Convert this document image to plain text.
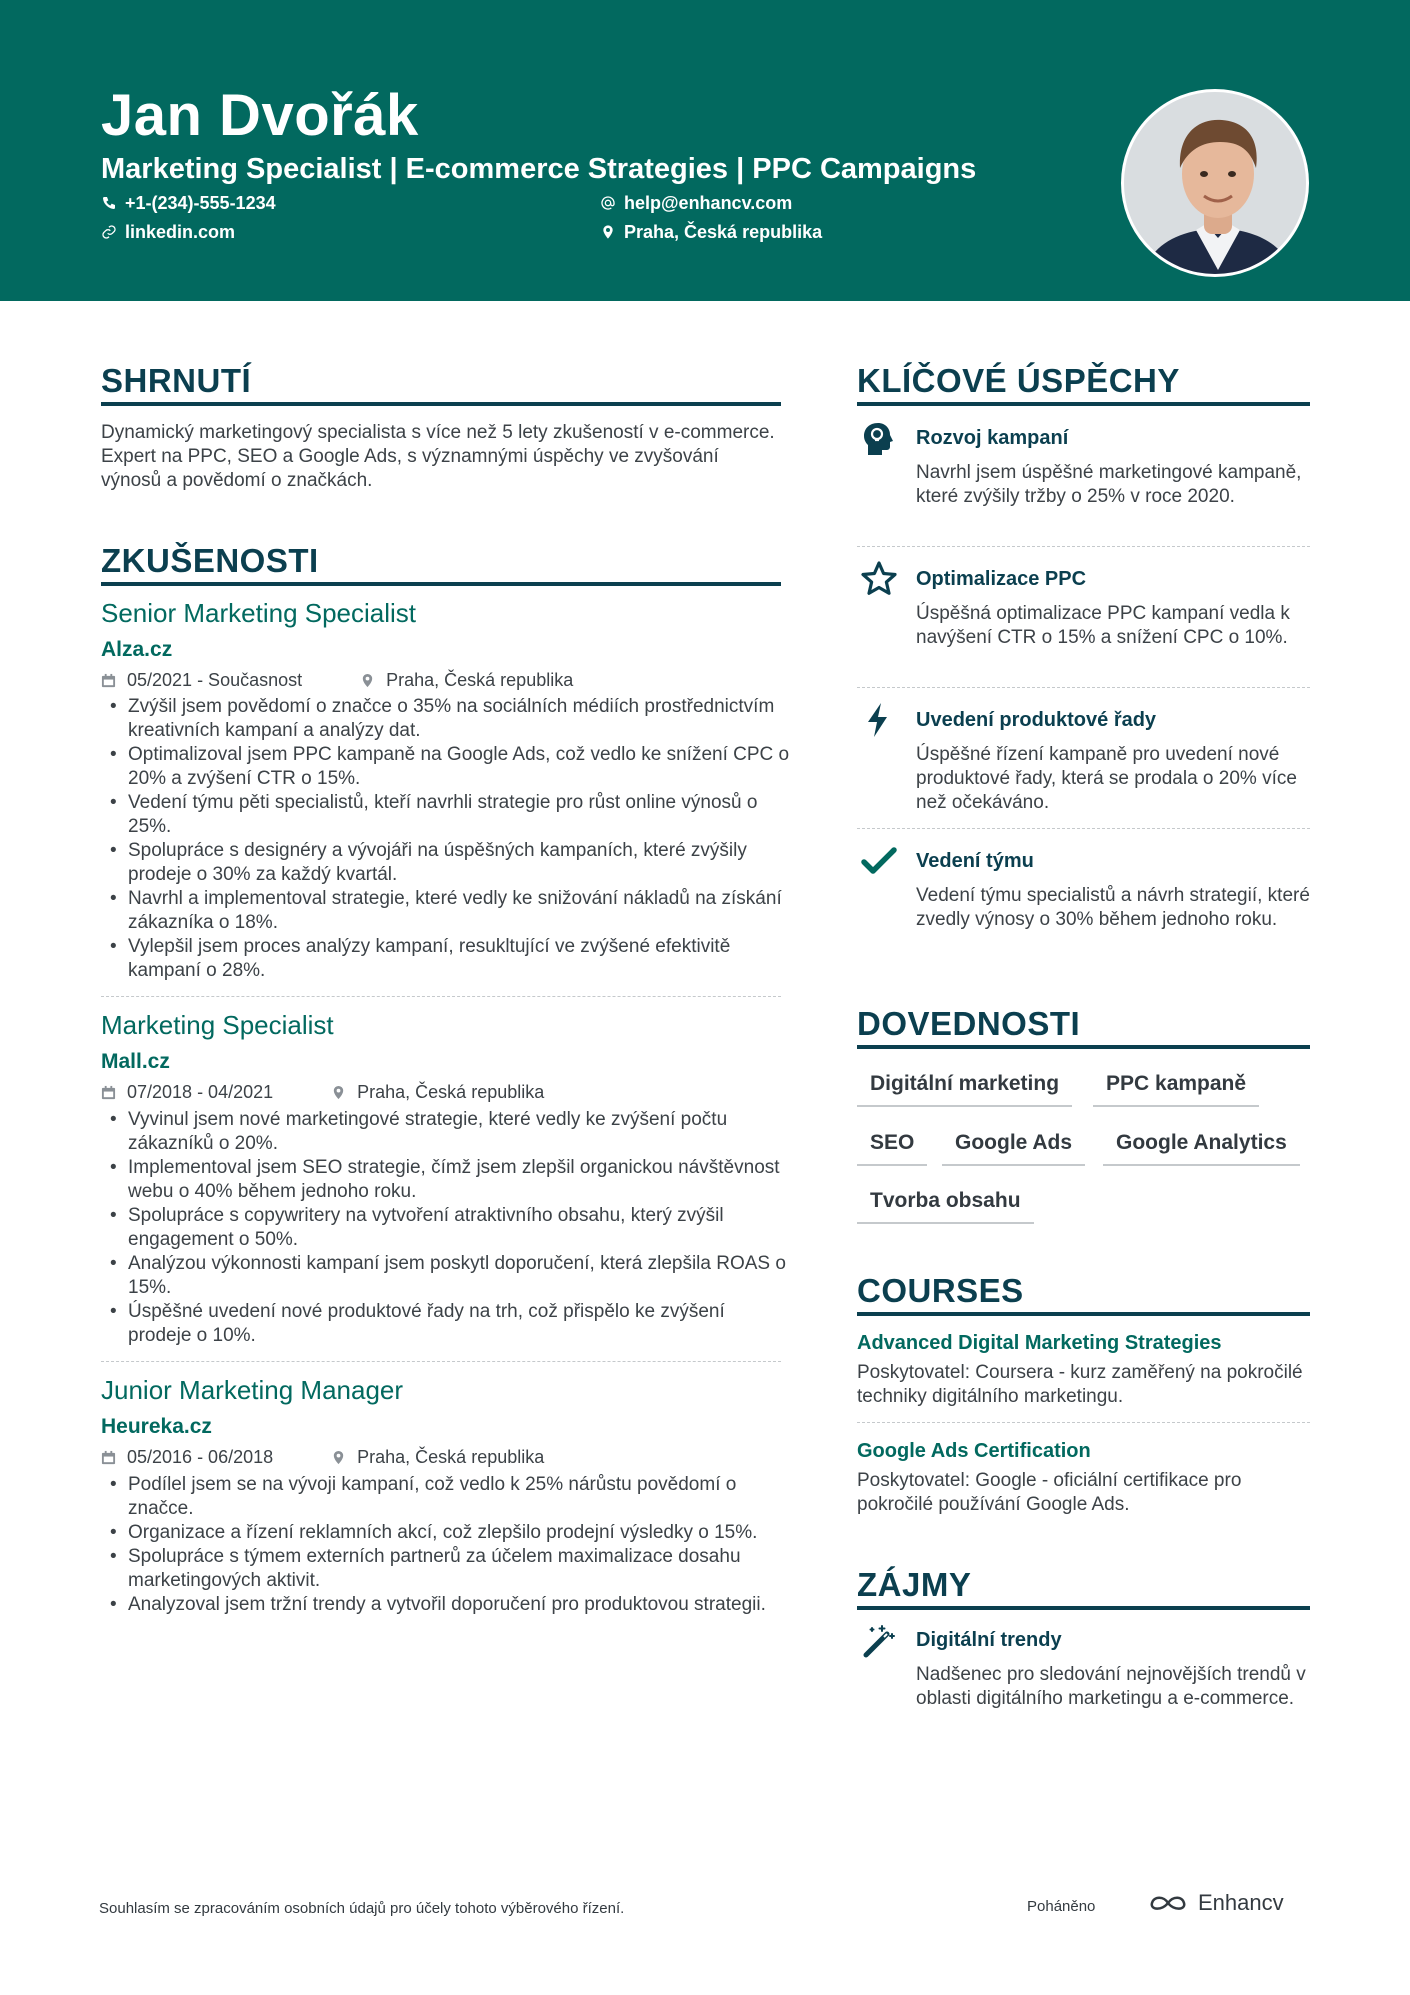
Jan Dvořák
Marketing Specialist | E-commerce Strategies | PPC Campaigns
+1-(234)-555-1234	help@enhancv.com
linkedin.com	Praha, Česká republika
SHRNUTÍ
Dynamický marketingový specialista s více než 5 lety zkušeností v e-commerce. Expert na PPC, SEO a Google Ads, s významnými úspěchy ve zvyšování výnosů a povědomí o značkách.
ZKUŠENOSTI
Senior Marketing Specialist
Alza.cz
05/2021 - Současnost	Praha, Česká republika
• Zvýšil jsem povědomí o značce o 35% na sociálních médiích prostřednictvím kreativních kampaní a analýzy dat.
• Optimalizoval jsem PPC kampaně na Google Ads, což vedlo ke snížení CPC o 20% a zvýšení CTR o 15%.
• Vedení týmu pěti specialistů, kteří navrhli strategie pro růst online výnosů o 25%.
• Spolupráce s designéry a vývojáři na úspěšných kampaních, které zvýšily prodeje o 30% za každý kvartál.
• Navrhl a implementoval strategie, které vedly ke snižování nákladů na získání zákazníka o 18%.
• Vylepšil jsem proces analýzy kampaní, resukltující ve zvýšené efektivitě kampaní o 28%.
Marketing Specialist
Mall.cz
07/2018 - 04/2021	Praha, Česká republika
• Vyvinul jsem nové marketingové strategie, které vedly ke zvýšení počtu zákazníků o 20%.
• Implementoval jsem SEO strategie, čímž jsem zlepšil organickou návštěvnost webu o 40% během jednoho roku.
• Spolupráce s copywritery na vytvoření atraktivního obsahu, který zvýšil engagement o 50%.
• Analýzou výkonnosti kampaní jsem poskytl doporučení, která zlepšila ROAS o 15%.
• Úspěšné uvedení nové produktové řady na trh, což přispělo ke zvýšení prodeje o 10%.
Junior Marketing Manager
Heureka.cz
05/2016 - 06/2018	Praha, Česká republika
• Podílel jsem se na vývoji kampaní, což vedlo k 25% nárůstu povědomí o značce.
• Organizace a řízení reklamních akcí, což zlepšilo prodejní výsledky o 15%.
• Spolupráce s týmem externích partnerů za účelem maximalizace dosahu marketingových aktivit.
• Analyzoval jsem tržní trendy a vytvořil doporučení pro produktovou strategii.
KLÍČOVÉ ÚSPĚCHY
Rozvoj kampaní
Navrhl jsem úspěšné marketingové kampaně, které zvýšily tržby o 25% v roce 2020.
Optimalizace PPC
Úspěšná optimalizace PPC kampaní vedla k navýšení CTR o 15% a snížení CPC o 10%.
Uvedení produktové řady
Úspěšné řízení kampaně pro uvedení nové produktové řady, která se prodala o 20% více než očekáváno.
Vedení týmu
Vedení týmu specialistů a návrh strategií, které zvedly výnosy o 30% během jednoho roku.
DOVEDNOSTI
Digitální marketing	PPC kampaně
SEO	Google Ads	Google Analytics
Tvorba obsahu
COURSES
Advanced Digital Marketing Strategies
Poskytovatel: Coursera - kurz zaměřený na pokročilé techniky digitálního marketingu.
Google Ads Certification
Poskytovatel: Google - oficiální certifikace pro pokročilé používání Google Ads.
ZÁJMY
Digitální trendy
Nadšenec pro sledování nejnovějších trendů v oblasti digitálního marketingu a e-commerce.
Souhlasím se zpracováním osobních údajů pro účely tohoto výběrového řízení.	Poháněno	Enhancv
